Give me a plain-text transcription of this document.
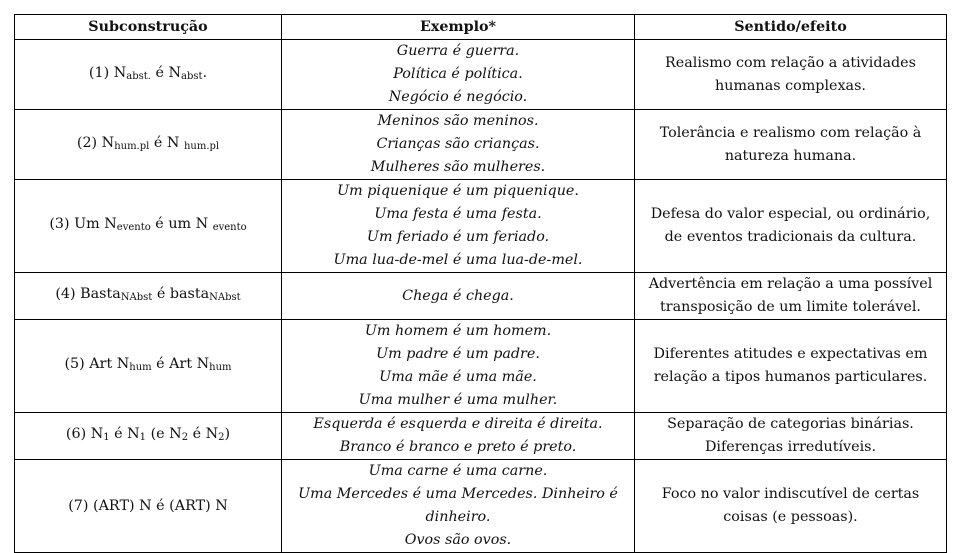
Subconstrução	Exemplo*	Sentido/efeito
(1) $N_{abst.}$ é $N_{abst}$.	Guerra é guerra.
Política é política.
Negócio é negócio.	Realismo com relação a atividades humanas complexas.
(2) $N_{hum.pl}$ é N $_{hum.pl}$	Meninos são meninos.
Crianças são crianças.
Mulheres são mulheres.	Tolerância e realismo com relação à natureza humana.
(3) Um $N_{evento}$ é um N $_{evento}$	Um piquenique é um piquenique.
Uma festa é uma festa.
Um feriado é um feriado.
Uma lua-de-mel é uma lua-de-mel.	Defesa do valor especial, ou ordinário, de eventos tradicionais da cultura.
(4) Basta$_{NAbst}$ é basta$_{NAbst}$	Chega é chega.	Advertência em relação a uma possível transposição de um limite tolerável.
(5) Art $N_{hum}$ é Art $N_{hum}$	Um homem é um homem.
Um padre é um padre.
Uma mãe é uma mãe.
Uma mulher é uma mulher.	Diferentes atitudes e expectativas em relação a tipos humanos particulares.
(6) $N_1$ é $N_1$ (e $N_2$ é $N_2$)	Esquerda é esquerda e direita é direita.
Branco é branco e preto é preto.	Separação de categorias binárias. Diferenças irredutíveis.
(7) (ART) N é (ART) N	Uma carne é uma carne.
Uma Mercedes é uma Mercedes. Dinheiro é
dinheiro.
Ovos são ovos.	Foco no valor indiscutível de certas coisas (e pessoas).
